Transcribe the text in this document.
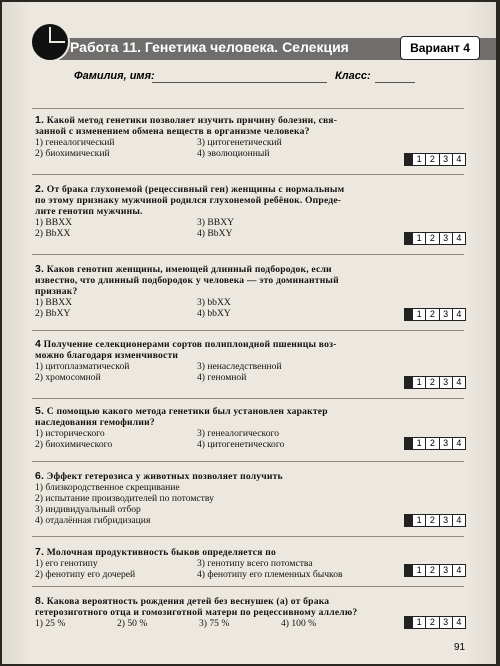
Работа 11. Генетика человека. Селекция	Вариант 4
Фамилия, имя:	Класс:
1. Какой метод генетики позволяет изучить причину болезни, свя-
занной с изменением обмена веществ в организме человека?
1) генеалогический	3) цитогенетический
2) биохимический	4) эволюционный	1 2 3 4
2. От брака глухонемой (рецессивный ген) женщины с нормальным
по этому признаку мужчиной родился глухонемой ребёнок. Опреде-
лите генотип мужчины.
1) BBXX	3) BBXY
2) BbXX	4) BbXY	1 2 3 4
3. Каков генотип женщины, имеющей длинный подбородок, если
известно, что длинный подбородок у человека — это доминантный
признак?
1) BBXX	3) bbXX
2) BbXY	4) bbXY	1 2 3 4
4 Получение селекционерами сортов полиплоидной пшеницы воз-
можно благодаря изменчивости
1) цитоплазматической	3) ненаследственной
2) хромосомной	4) геномной	1 2 3 4
5. С помощью какого метода генетики был установлен характер
наследования гемофилии?
1) исторического	3) генеалогического
2) биохимического	4) цитогенетического	1 2 3 4
6. Эффект гетерозиса у животных позволяет получить
1) близкородственное скрещивание
2) испытание производителей по потомству
3) индивидуальный отбор
4) отдалённая гибридизация	1 2 3 4
7. Молочная продуктивность быков определяется по
1) его генотипу	3) генотипу всего потомства
2) фенотипу его дочерей	4) фенотипу его племенных бычков	1 2 3 4
8. Какова вероятность рождения детей без веснушек (а) от брака
гетерозиготного отца и гомозиготной матери по рецессивному аллелю?
1) 25 %	2) 50 %	3) 75 %	4) 100 %	1 2 3 4
91
